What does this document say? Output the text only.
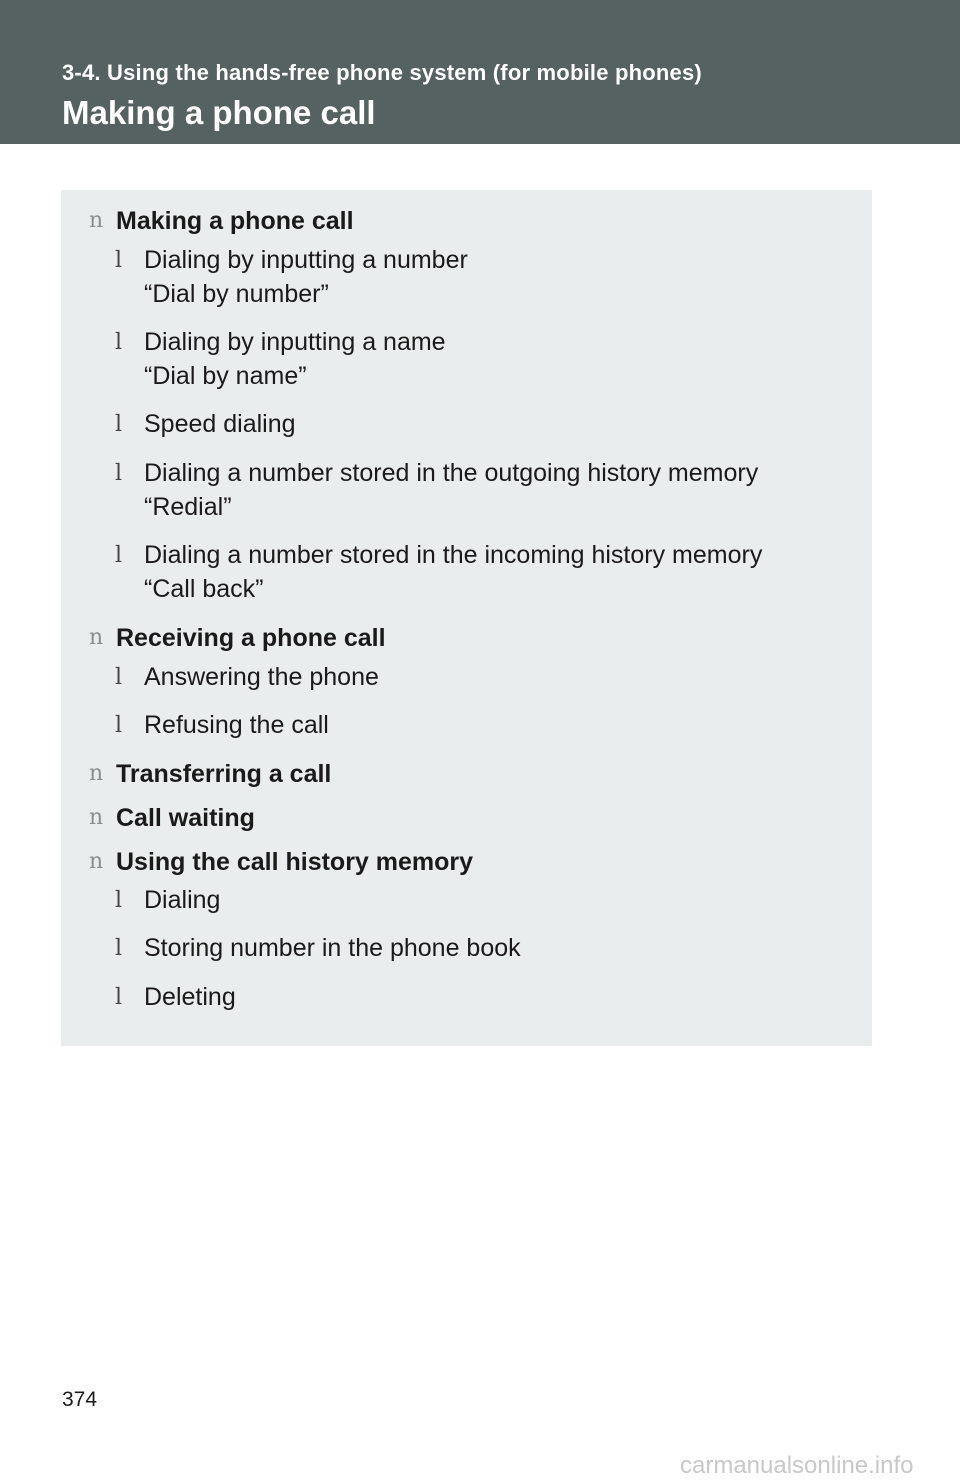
3-4. Using the hands-free phone system (for mobile phones)
Making a phone call
n Making a phone call
l Dialing by inputting a number
“Dial by number”
l Dialing by inputting a name
“Dial by name”
l Speed dialing
l Dialing a number stored in the outgoing history memory
“Redial”
l Dialing a number stored in the incoming history memory
“Call back”
n Receiving a phone call
l Answering the phone
l Refusing the call
n Transferring a call
n Call waiting
n Using the call history memory
l Dialing
l Storing number in the phone book
l Deleting
374
carmanualsonline.info
